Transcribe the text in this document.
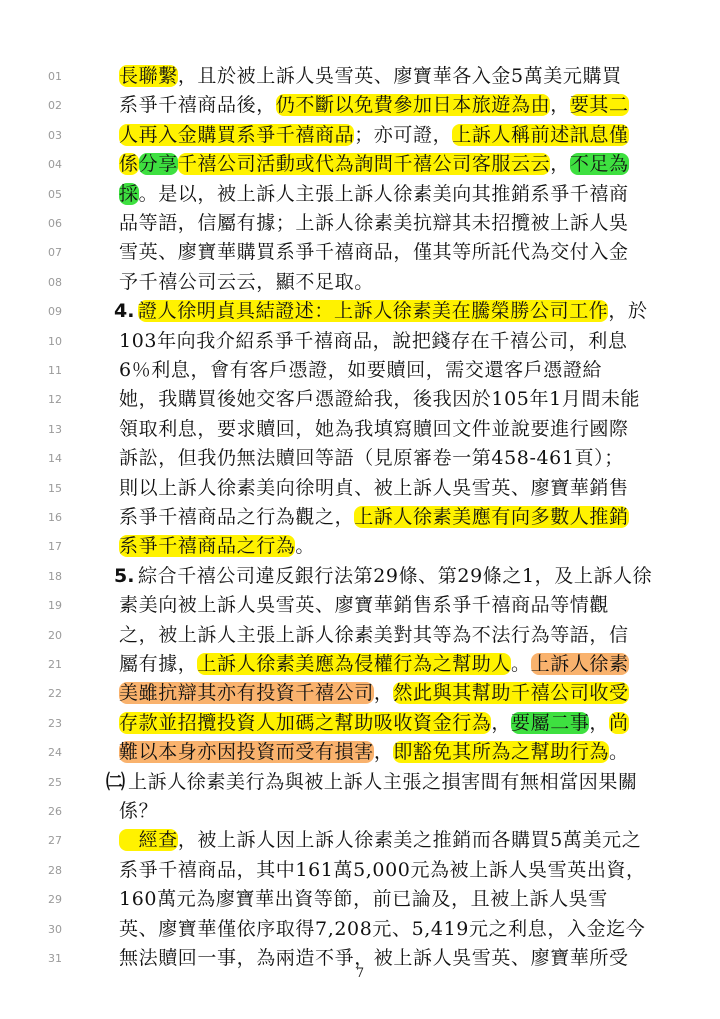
01	長聯繫，且於被上訴人吳雪英、廖寶華各入金5萬美元購買
02	系爭千禧商品後，仍不斷以免費參加日本旅遊為由，要其二
03	人再入金購買系爭千禧商品；亦可證，上訴人稱前述訊息僅
04	係分享千禧公司活動或代為詢問千禧公司客服云云，不足為
05	採。是以，被上訴人主張上訴人徐素美向其推銷系爭千禧商
06	品等語，信屬有據；上訴人徐素美抗辯其未招攬被上訴人吳
07	雪英、廖寶華購買系爭千禧商品，僅其等所託代為交付入金
08	予千禧公司云云，顯不足取。
09	4. 證人徐明貞具結證述：上訴人徐素美在騰榮勝公司工作，於
10	103年向我介紹系爭千禧商品，說把錢存在千禧公司，利息
11	6％利息，會有客戶憑證，如要贖回，需交還客戶憑證給
12	她，我購買後她交客戶憑證給我，後我因於105年1月間未能
13	領取利息，要求贖回，她為我填寫贖回文件並說要進行國際
14	訴訟，但我仍無法贖回等語（見原審卷一第458-461頁）；
15	則以上訴人徐素美向徐明貞、被上訴人吳雪英、廖寶華銷售
16	系爭千禧商品之行為觀之，上訴人徐素美應有向多數人推銷
17	系爭千禧商品之行為。
18	5. 綜合千禧公司違反銀行法第29條、第29條之1，及上訴人徐
19	素美向被上訴人吳雪英、廖寶華銷售系爭千禧商品等情觀
20	之，被上訴人主張上訴人徐素美對其等為不法行為等語，信
21	屬有據，上訴人徐素美應為侵權行為之幫助人。上訴人徐素
22	美雖抗辯其亦有投資千禧公司，然此與其幫助千禧公司收受
23	存款並招攬投資人加碼之幫助吸收資金行為，要屬二事，尚
24	難以本身亦因投資而受有損害，即豁免其所為之幫助行為。
25	㈡ 上訴人徐素美行為與被上訴人主張之損害間有無相當因果關
26	係？
27	　經查，被上訴人因上訴人徐素美之推銷而各購買5萬美元之
28	系爭千禧商品，其中161萬5,000元為被上訴人吳雪英出資，
29	160萬元為廖寶華出資等節，前已論及，且被上訴人吳雪
30	英、廖寶華僅依序取得7,208元、5,419元之利息，入金迄今
31	無法贖回一事，為兩造不爭，被上訴人吳雪英、廖寶華所受
7
